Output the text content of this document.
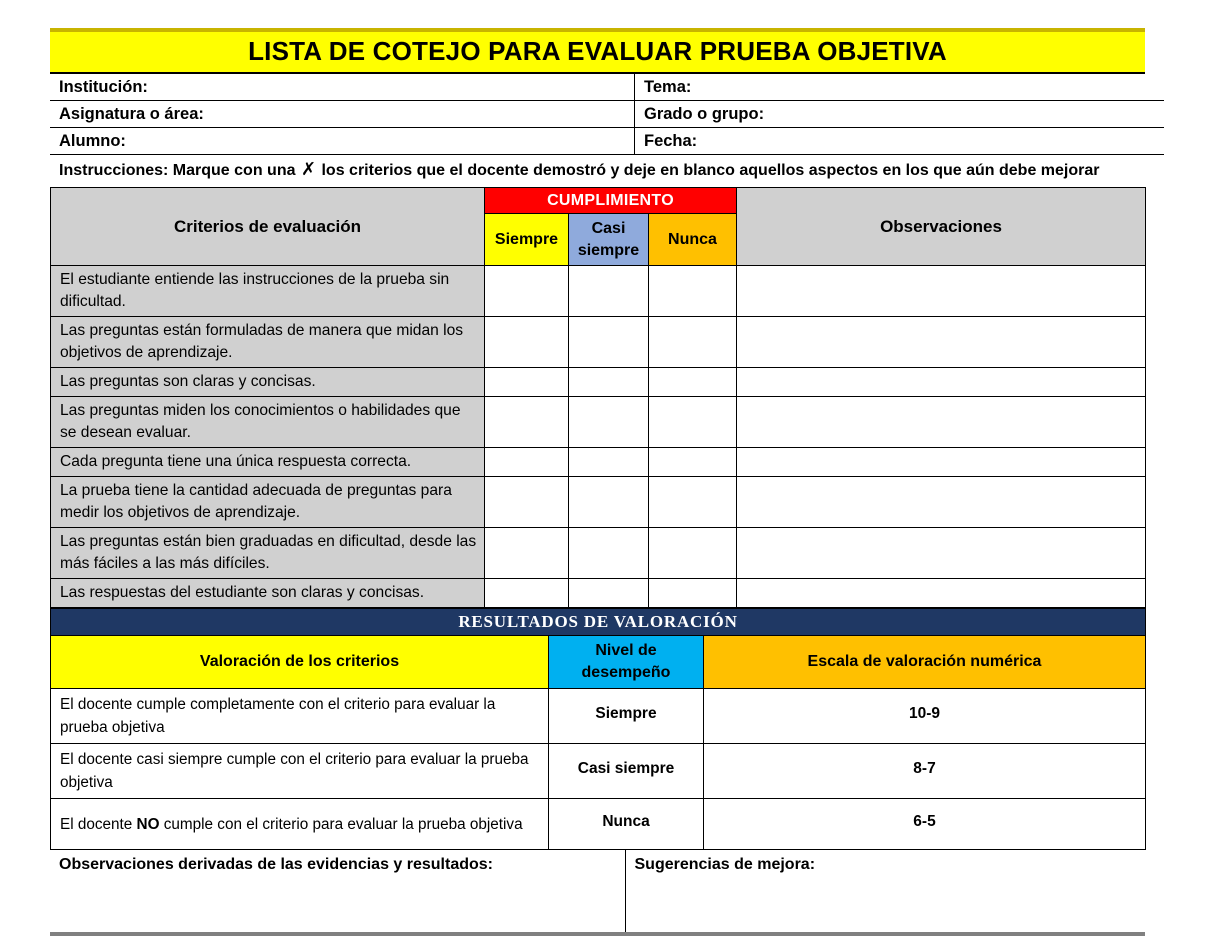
LISTA DE COTEJO PARA EVALUAR PRUEBA OBJETIVA
Institución:	Tema:
Asignatura o área:	Grado o grupo:
Alumno:	Fecha:
Instrucciones: Marque con una ✗ los criterios que el docente demostró y deje en blanco aquellos aspectos en los que aún debe mejorar
Criterios de evaluación	CUMPLIMIENTO			Observaciones
	Siempre	Casi siempre	Nunca	
El estudiante entiende las instrucciones de la prueba sin dificultad.				
Las preguntas están formuladas de manera que midan los objetivos de aprendizaje.				
Las preguntas son claras y concisas.				
Las preguntas miden los conocimientos o habilidades que se desean evaluar.				
Cada pregunta tiene una única respuesta correcta.				
La prueba tiene la cantidad adecuada de preguntas para medir los objetivos de aprendizaje.				
Las preguntas están bien graduadas en dificultad, desde las más fáciles a las más difíciles.				
Las respuestas del estudiante son claras y concisas.				
RESULTADOS DE VALORACIÓN		
Valoración de los criterios	Nivel de desempeño	Escala de valoración numérica
El docente cumple completamente con el criterio para evaluar la prueba objetiva	Siempre	10-9
El docente casi siempre cumple con el criterio para evaluar la prueba objetiva	Casi siempre	8-7
El docente NO cumple con el criterio para evaluar la prueba objetiva	Nunca	6-5
Observaciones derivadas de las evidencias y resultados:	Sugerencias de mejora:
